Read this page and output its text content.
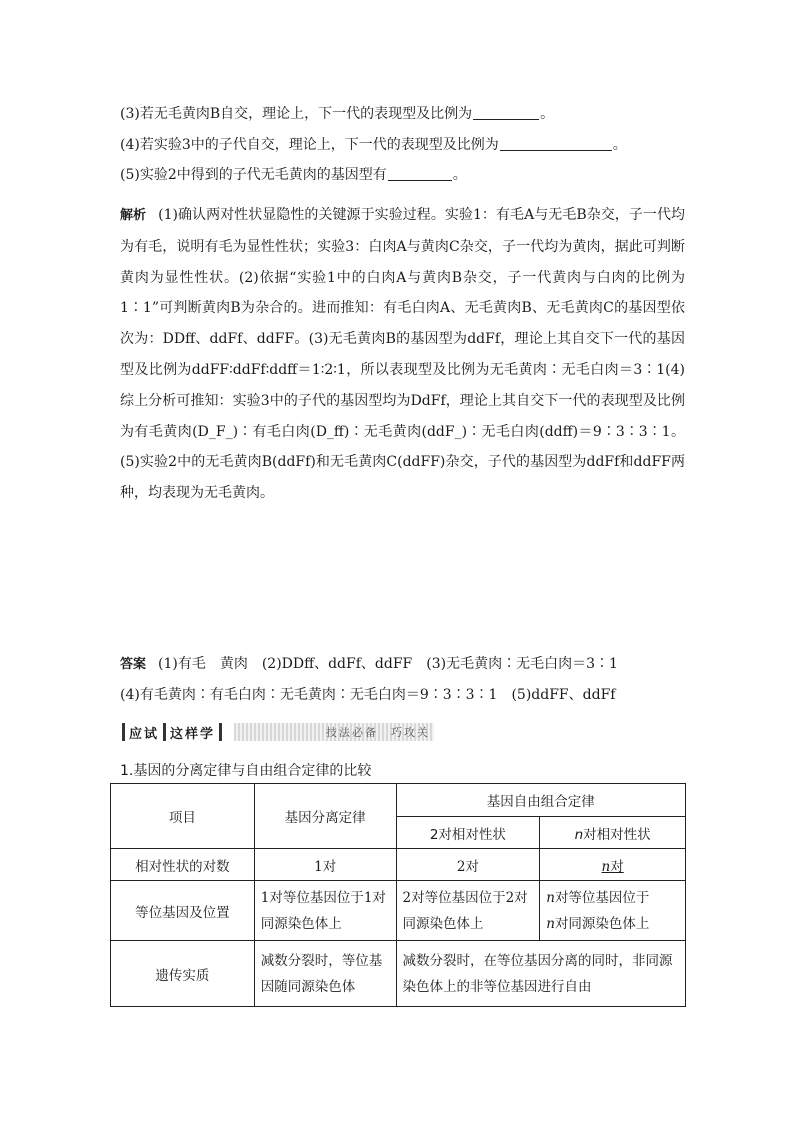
(3)若无毛黄肉B自交，理论上，下一代的表现型及比例为	。
(4)若实验3中的子代自交，理论上，下一代的表现型及比例为	。
(5)实验2中得到的子代无毛黄肉的基因型有	。
解析 (1)确认两对性状显隐性的关键源于实验过程。实验1：有毛A与无毛B杂交，子一代均为有毛，说明有毛为显性性状；实验3：白肉A与黄肉C杂交，子一代均为黄肉，据此可判断黄肉为显性性状。(2)依据“实验1中的白肉A与黄肉B杂交，子一代黄肉与白肉的比例为1∶1”可判断黄肉B为杂合的。进而推知：有毛白肉A、无毛黄肉B、无毛黄肉C的基因型依次为：DDff、ddFf、ddFF。(3)无毛黄肉B的基因型为ddFf，理论上其自交下一代的基因型及比例为ddFF∶ddFf∶ddff＝1∶2∶1，所以表现型及比例为无毛黄肉∶无毛白肉＝3∶1(4)综上分析可推知：实验3中的子代的基因型均为DdFf，理论上其自交下一代的表现型及比例为有毛黄肉(D_F_)∶有毛白肉(D_ff)∶无毛黄肉(ddF_)∶无毛白肉(ddff)＝9∶3∶3∶1。(5)实验2中的无毛黄肉B(ddFf)和无毛黄肉C(ddFF)杂交，子代的基因型为ddFf和ddFF两种，均表现为无毛黄肉。
答案 (1)有毛　黄肉　(2)DDff、ddFf、ddFF　(3)无毛黄肉∶无毛白肉＝3∶1
(4)有毛黄肉∶有毛白肉∶无毛黄肉∶无毛白肉＝9∶3∶3∶1　(5)ddFF、ddFf
应试 这样学	技法必备　巧攻关
1.基因的分离定律与自由组合定律的比较
项目	基因分离定律	基因自由组合定律	
		2对相对性状	n对相对性状
相对性状的对数	1对	2对	n对
等位基因及位置	1对等位基因位于1对同源染色体上	2对等位基因位于2对同源染色体上	n对等位基因位于
n对同源染色体上
遗传实质	减数分裂时，等位基因随同源染色体	减数分裂时，在等位基因分离的同时，非同源染色体上的非等位基因进行自由	
